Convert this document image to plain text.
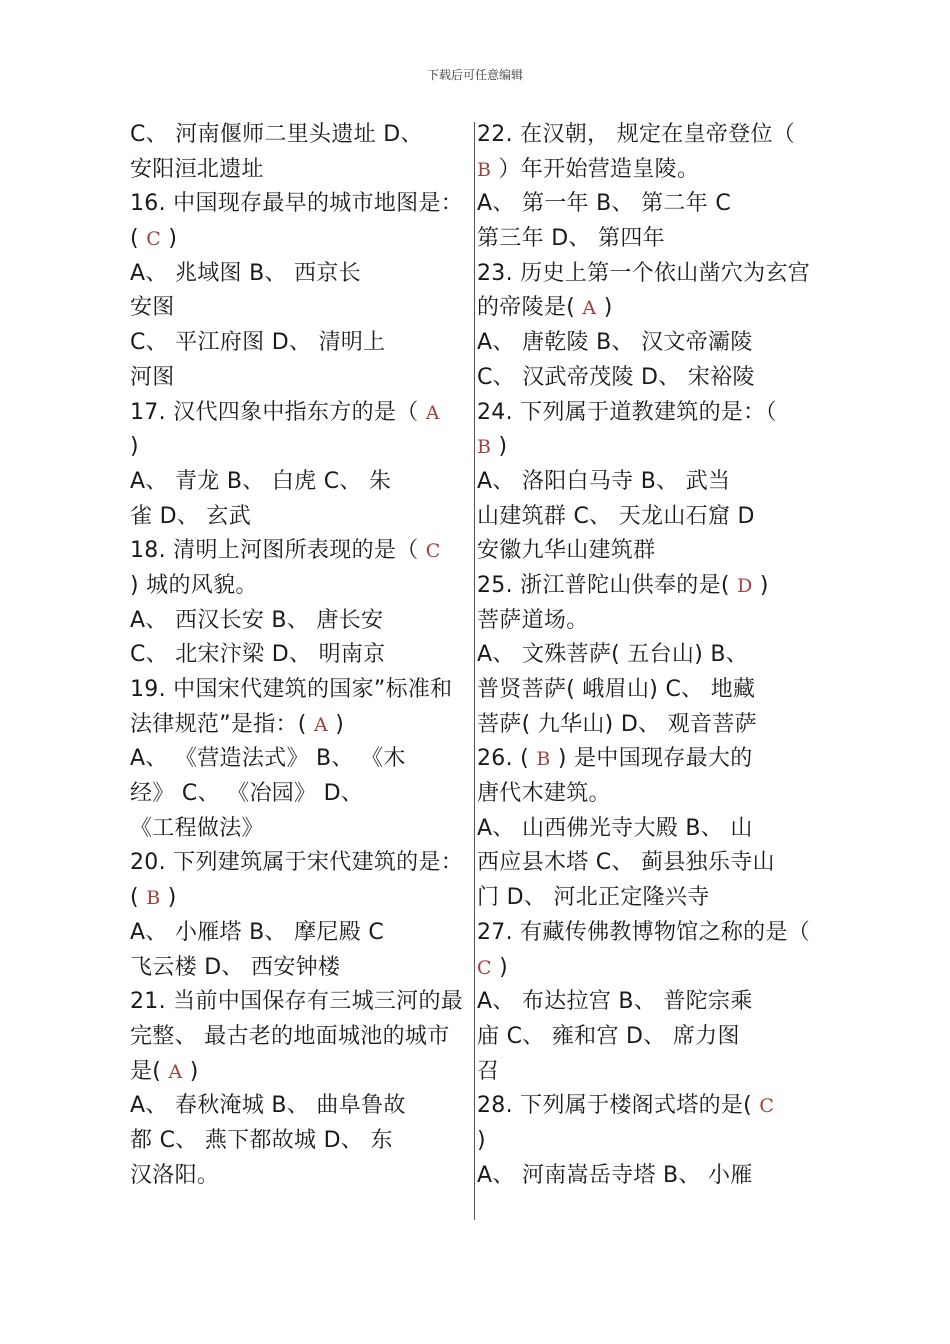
下载后可任意编辑
C、 河南偃师二里头遗址 D、
安阳洹北遗址
16. 中国现存最早的城市地图是：
( C )
A、 兆域图 B、 西京长
安图
C、 平江府图 D、 清明上
河图
17. 汉代四象中指东方的是（ A
)
A、 青龙 B、 白虎 C、 朱
雀 D、 玄武
18. 清明上河图所表现的是（ C
) 城的风貌。
A、 西汉长安 B、 唐长安
C、 北宋汴梁 D、 明南京
19. 中国宋代建筑的国家”标准和
法律规范”是指：( A )
A、 《营造法式》 B、 《木
经》 C、 《冶园》 D、
《工程做法》
20. 下列建筑属于宋代建筑的是：
( B )
A、 小雁塔 B、 摩尼殿 C
飞云楼 D、 西安钟楼
21. 当前中国保存有三城三河的最
完整、 最古老的地面城池的城市
是( A )
A、 春秋淹城 B、 曲阜鲁故
都 C、 燕下都故城 D、 东
汉洛阳。
22. 在汉朝， 规定在皇帝登位（
B ）年开始营造皇陵。
A、 第一年 B、 第二年 C
第三年 D、 第四年
23. 历史上第一个依山凿穴为玄宫
的帝陵是( A )
A、 唐乾陵 B、 汉文帝灞陵
C、 汉武帝茂陵 D、 宋裕陵
24. 下列属于道教建筑的是：（
B )
A、 洛阳白马寺 B、 武当
山建筑群 C、 天龙山石窟 D
安徽九华山建筑群
25. 浙江普陀山供奉的是( D )
菩萨道场。
A、 文殊菩萨( 五台山) B、
普贤菩萨( 峨眉山) C、 地藏
菩萨( 九华山) D、 观音菩萨
26. ( B ) 是中国现存最大的
唐代木建筑。
A、 山西佛光寺大殿 B、 山
西应县木塔 C、 蓟县独乐寺山
门 D、 河北正定隆兴寺
27. 有藏传佛教博物馆之称的是（
C )
A、 布达拉宫 B、 普陀宗乘
庙 C、 雍和宫 D、 席力图
召
28. 下列属于楼阁式塔的是( C
)
A、 河南嵩岳寺塔 B、 小雁
